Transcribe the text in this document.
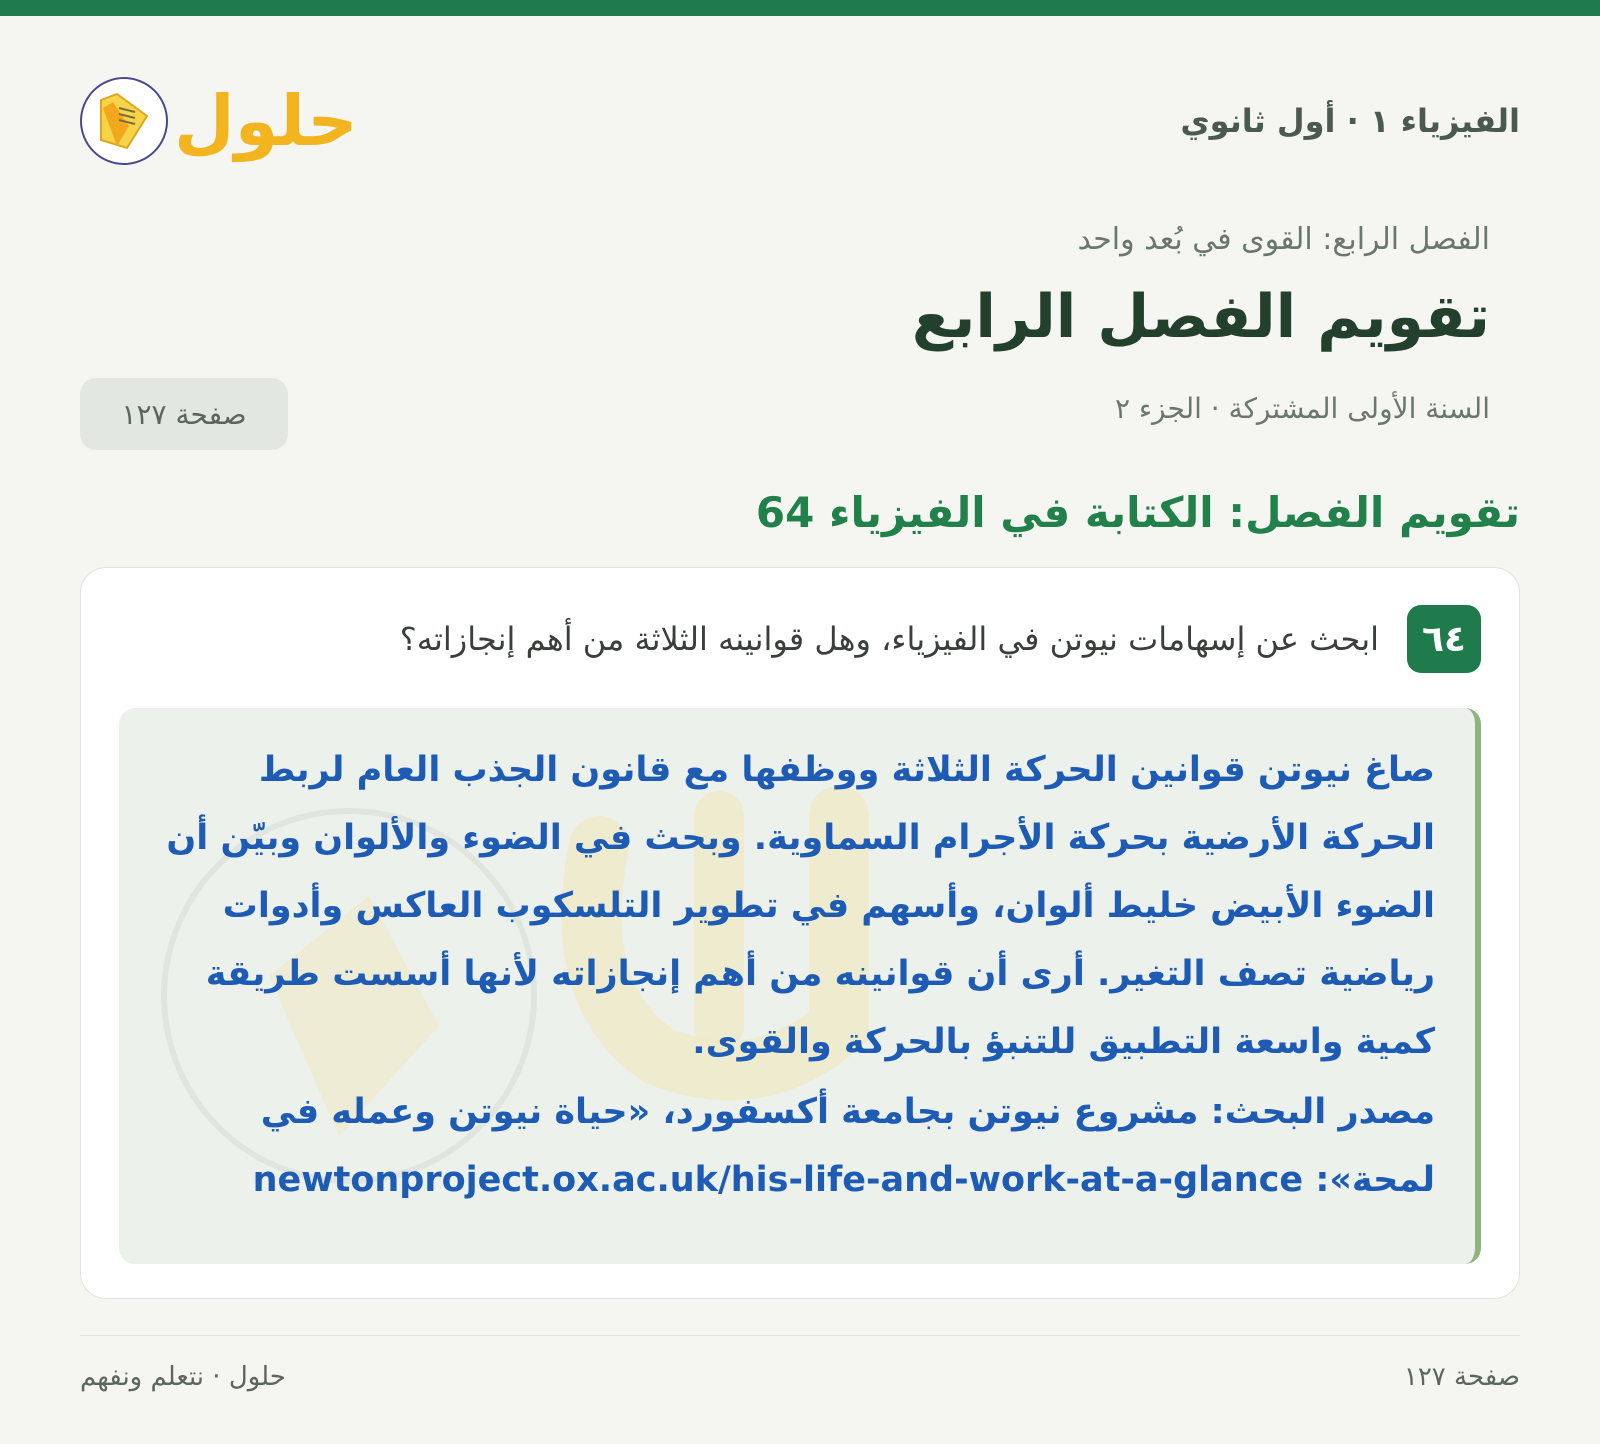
الفيزياء ١ · أول ثانوي
حلول
الفصل الرابع: القوى في بُعد واحد
تقويم الفصل الرابع
السنة الأولى المشتركة · الجزء ٢
صفحة ١٢٧
تقويم الفصل: الكتابة في الفيزياء 64
٦٤
ابحث عن إسهامات نيوتن في الفيزياء، وهل قوانينه الثلاثة من أهم إنجازاته؟

صاغ نيوتن قوانين الحركة الثلاثة ووظفها مع قانون الجذب العام لربط الحركة الأرضية بحركة الأجرام السماوية. وبحث في الضوء والألوان وبيّن أن الضوء الأبيض خليط ألوان، وأسهم في تطوير التلسكوب العاكس وأدوات رياضية تصف التغير. أرى أن قوانينه من أهم إنجازاته لأنها أسست طريقة كمية واسعة التطبيق للتنبؤ بالحركة والقوى.

مصدر البحث: مشروع نيوتن بجامعة أكسفورد، «حياة نيوتن وعمله في لمحة»: newtonproject.ox.ac.uk/his-life-and-work-at-a-glance

صفحة ١٢٧
حلول · نتعلم ونفهم
